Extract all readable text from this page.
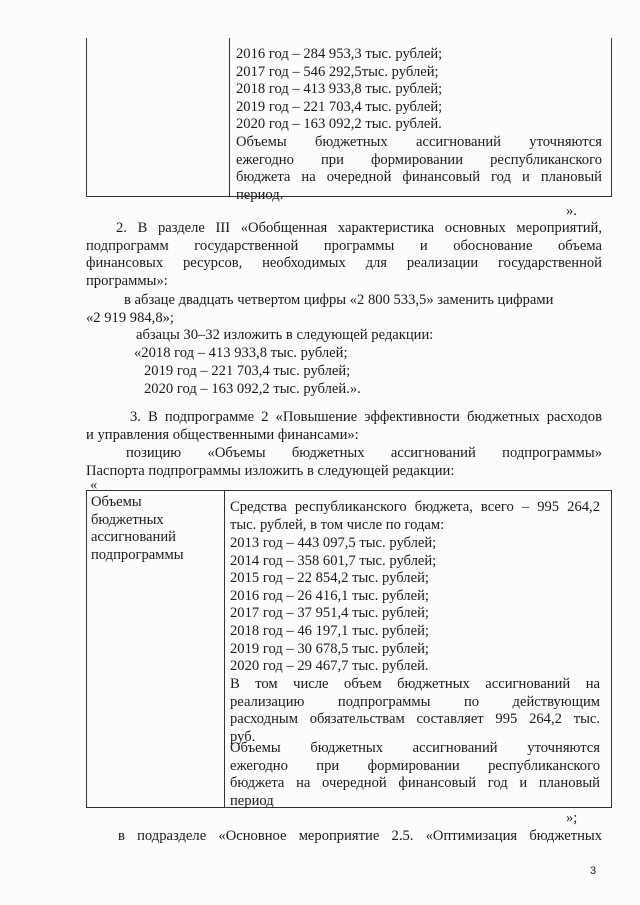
2016 год – 284 953,3 тыс. рублей;
2017 год – 546 292,5тыс. рублей;
2018 год – 413 933,8 тыс. рублей;
2019 год – 221 703,4 тыс. рублей;
2020 год – 163 092,2 тыс. рублей.
Объемы бюджетных ассигнований уточняются
ежегодно при формировании республиканского
бюджета на очередной финансовый год и плановый
период.
».
2. В разделе III «Обобщенная характеристика основных мероприятий,
подпрограмм государственной программы и обоснование объема
финансовых ресурсов, необходимых для реализации государственной
программы»:
в абзаце двадцать четвертом цифры «2 800 533,5» заменить цифрами
«2 919 984,8»;
абзацы 30–32 изложить в следующей редакции:
«2018 год – 413 933,8 тыс. рублей;
2019 год – 221 703,4 тыс. рублей;
2020 год – 163 092,2 тыс. рублей.».
3. В подпрограмме 2 «Повышение эффективности бюджетных расходов
и управления общественными финансами»:
позицию «Объемы бюджетных ассигнований подпрограммы»
Паспорта подпрограммы изложить в следующей редакции:
«
Объемы
бюджетных
ассигнований
подпрограммы
Средства республиканского бюджета, всего – 995 264,2
тыс. рублей, в том числе по годам:
2013 год – 443 097,5 тыс. рублей;
2014 год – 358 601,7 тыс. рублей;
2015 год – 22 854,2 тыс. рублей;
2016 год – 26 416,1 тыс. рублей;
2017 год – 37 951,4 тыс. рублей;
2018 год – 46 197,1 тыс. рублей;
2019 год – 30 678,5 тыс. рублей;
2020 год – 29 467,7 тыс. рублей.
В том числе объем бюджетных ассигнований на
реализацию подпрограммы по действующим
расходным обязательствам составляет 995 264,2 тыс.
руб.
Объемы бюджетных ассигнований уточняются
ежегодно при формировании республиканского
бюджета на очередной финансовый год и плановый
период
»;
в подразделе «Основное мероприятие 2.5. «Оптимизация бюджетных
3
